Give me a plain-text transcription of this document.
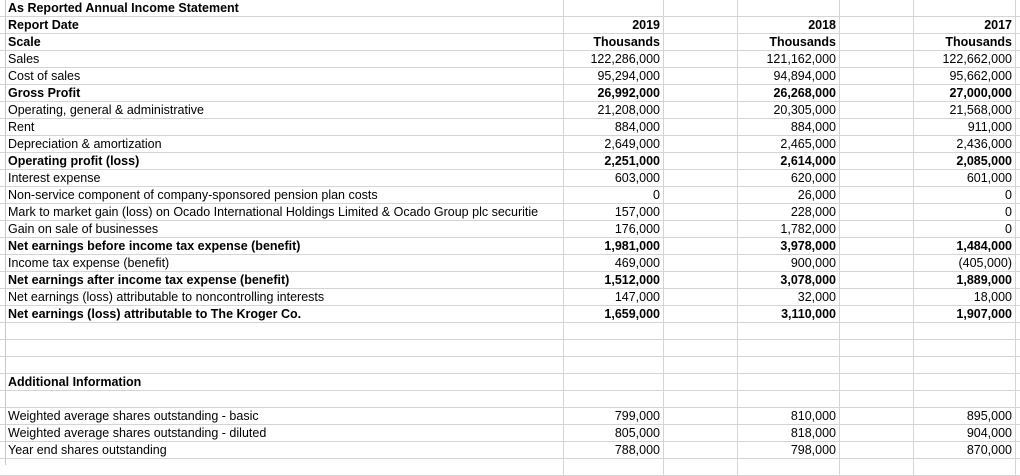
As Reported Annual Income Statement
Report Date	2019	2018	2017
Scale	Thousands	Thousands	Thousands
Sales	122,286,000	121,162,000	122,662,000
Cost of sales	95,294,000	94,894,000	95,662,000
Gross Profit	26,992,000	26,268,000	27,000,000
Operating, general & administrative	21,208,000	20,305,000	21,568,000
Rent	884,000	884,000	911,000
Depreciation & amortization	2,649,000	2,465,000	2,436,000
Operating profit (loss)	2,251,000	2,614,000	2,085,000
Interest expense	603,000	620,000	601,000
Non-service component of company-sponsored pension plan costs	0	26,000	0
Mark to market gain (loss) on Ocado International Holdings Limited & Ocado Group plc securitie	157,000	228,000	0
Gain on sale of businesses	176,000	1,782,000	0
Net earnings before income tax expense (benefit)	1,981,000	3,978,000	1,484,000
Income tax expense (benefit)	469,000	900,000	(405,000)
Net earnings after income tax expense (benefit)	1,512,000	3,078,000	1,889,000
Net earnings (loss) attributable to noncontrolling interests	147,000	32,000	18,000
Net earnings (loss) attributable to The Kroger Co.	1,659,000	3,110,000	1,907,000
Additional Information
Weighted average shares outstanding - basic	799,000	810,000	895,000
Weighted average shares outstanding - diluted	805,000	818,000	904,000
Year end shares outstanding	788,000	798,000	870,000
